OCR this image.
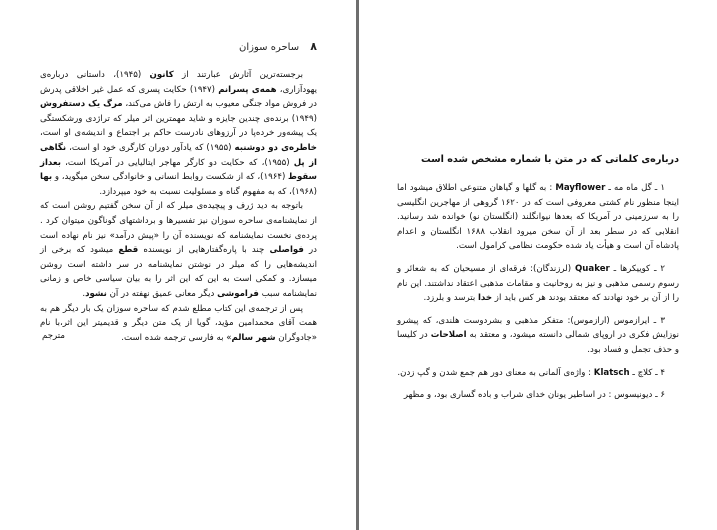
۸ ساحره سوزان

برجسته‌ترین آثارش عبارتند از کانون (۱۹۴۵)، داستانی درباره‌ی یهودآزاری، همه‌ی پسرانم (۱۹۴۷) حکایت پسری که عمل غیر اخلاقی پدرش در فروش مواد جنگی معیوب به ارتش را فاش می‌کند، مرگ یک دستفروش (۱۹۴۹) برنده‌ی چندین جایزه و شاید مهمترین اثر میلر که تراژدی ورشکستگی یک پیشه‌ور خرده‌پا در آرزوهای نادرست حاکم بر اجتماع و اندیشه‌ی او است، خاطره‌ی دو دوشنبه (۱۹۵۵) که یادآور دوران کارگری خود او است، نگاهی از پل (۱۹۵۵)، که حکایت دو کارگر مهاجر ایتالیایی در آمریکا است، بعداز سقوط (۱۹۶۴)، که از شکست روابط انسانی و خانوادگی سخن میگوید، و بها (۱۹۶۸)، که به مفهوم گناه و مسئولیت نسبت به خود میپردازد.

باتوجه به دید ژرف و پیچیده‌ی میلر که از آن سخن گفتیم روشن است که از نمایشنامه‌ی ساحره سوزان نیز تفسیرها و برداشتهای گوناگون میتوان کرد . پرده‌ی نخست نمایشنامه که نویسنده آن را «پیش درآمد» نیز نام نهاده است در فواصلی چند با پاره‌گفتارهایی از نویسنده قطع میشود که برخی از اندیشه‌هایی را که میلر در نوشتن نمایشنامه در سر داشته است روشن میسازد. و کمکی است به این که این اثر را به بیان سیاسی خاص و زمانی نمایشنامه سبب فراموشی دیگر معانی عمیق نهفته در آن نشود.

پس از ترجمه‌ی این کتاب مطلع شدم که ساحره سوزان یک بار دیگر هم به همت آقای محمدامین مؤید، گویا از یک متن دیگر و قدیمیتر این اثر،با نام «جادوگران شهر سالم» به فارسی ترجمه شده است.

مترجم
درباره‌ی کلماتی که در متن با شماره مشخص شده است

۱ ـ گل ماه مه ـ Mayflower : به گلها و گیاهان متنوعی اطلاق میشود اما اینجا منظور نام کشتی معروفی است که در ۱۶۲۰ گروهی از مهاجرین انگلیسی را به سرزمینی در آمریکا که بعدها نیوانگلند (انگلستان نو) خوانده شد رسانید. انقلابی که در سطر بعد از آن سخن میرود انقلاب ۱۶۸۸ انگلستان و اعدام پادشاه آن است و هیأت یاد شده حکومت نظامی کرامول است.

۲ ـ کوییکرها ـ Quaker (لرزندگان): فرقه‌ای از مسیحیان که به شعائر و رسوم رسمی مذهبی و نیز به روحانیت و مقامات مذهبی اعتقاد نداشتند. این نام را از آن بر خود نهادند که معتقد بودند هر کس باید از خدا بترسد و بلرزد.

۳ ـ ایرازموس (ارازموس): متفکر مذهبی و بشردوست هلندی، که پیشرو نوزایش فکری در اروپای شمالی دانسته میشود، و معتقد به اصلاحات در کلیسا و حذف تجمل و فساد بود.

۴ ـ کلاچ ـ Klatsch : واژه‌ی آلمانی به معنای دور هم جمع شدن و گپ زدن.

۶ ـ دیونیسوس : در اساطیر یونان خدای شراب و باده گساری بود، و مظهر
